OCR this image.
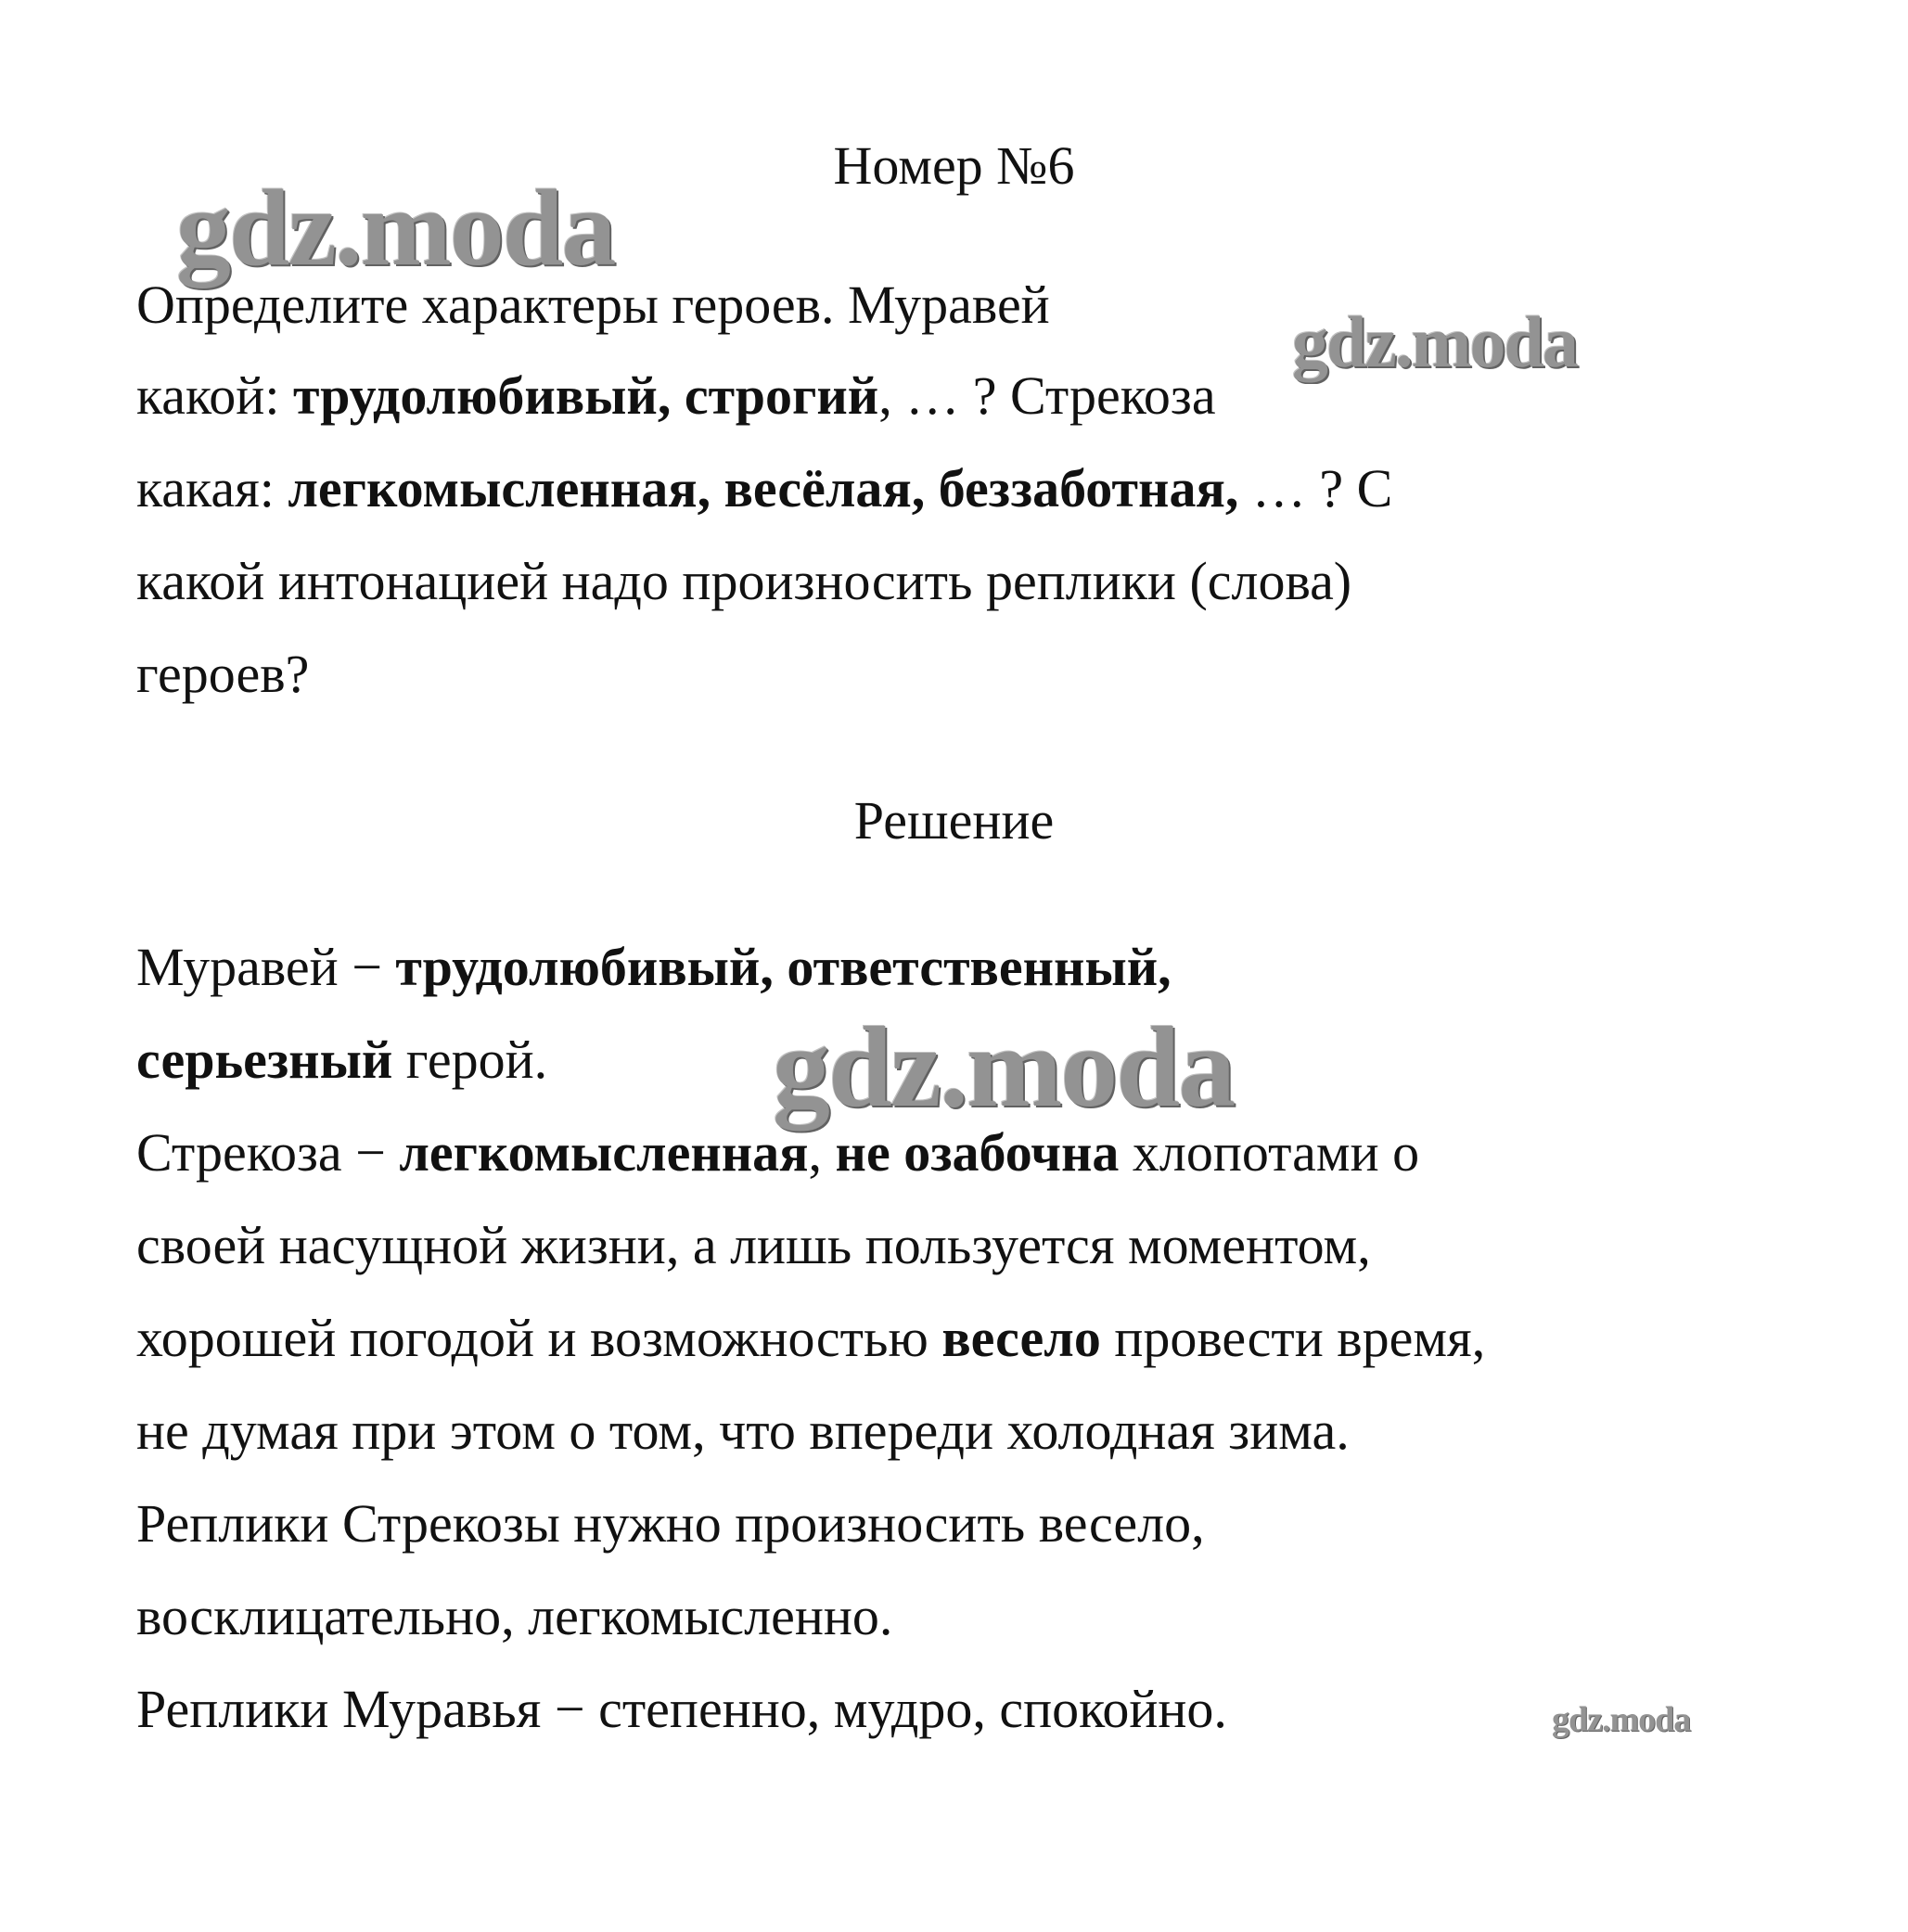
Номер №6
gdz.moda
gdz.moda
Определите характеры героев. Муравей
какой: трудолюбивый, строгий, … ? Стрекоза
какая: легкомысленная, весёлая, беззаботная, … ? С
какой интонацией надо произносить реплики (слова)
героев?
Решение
Муравей − трудолюбивый, ответственный,
серьезный герой. gdz.moda
Стрекоза − легкомысленная, не озабочна хлопотами о
своей насущной жизни, а лишь пользуется моментом,
хорошей погодой и возможностью весело провести время,
не думая при этом о том, что впереди холодная зима.
Реплики Стрекозы нужно произносить весело,
восклицательно, легкомысленно.
Реплики Муравья − степенно, мудро, спокойно.	gdz.moda
